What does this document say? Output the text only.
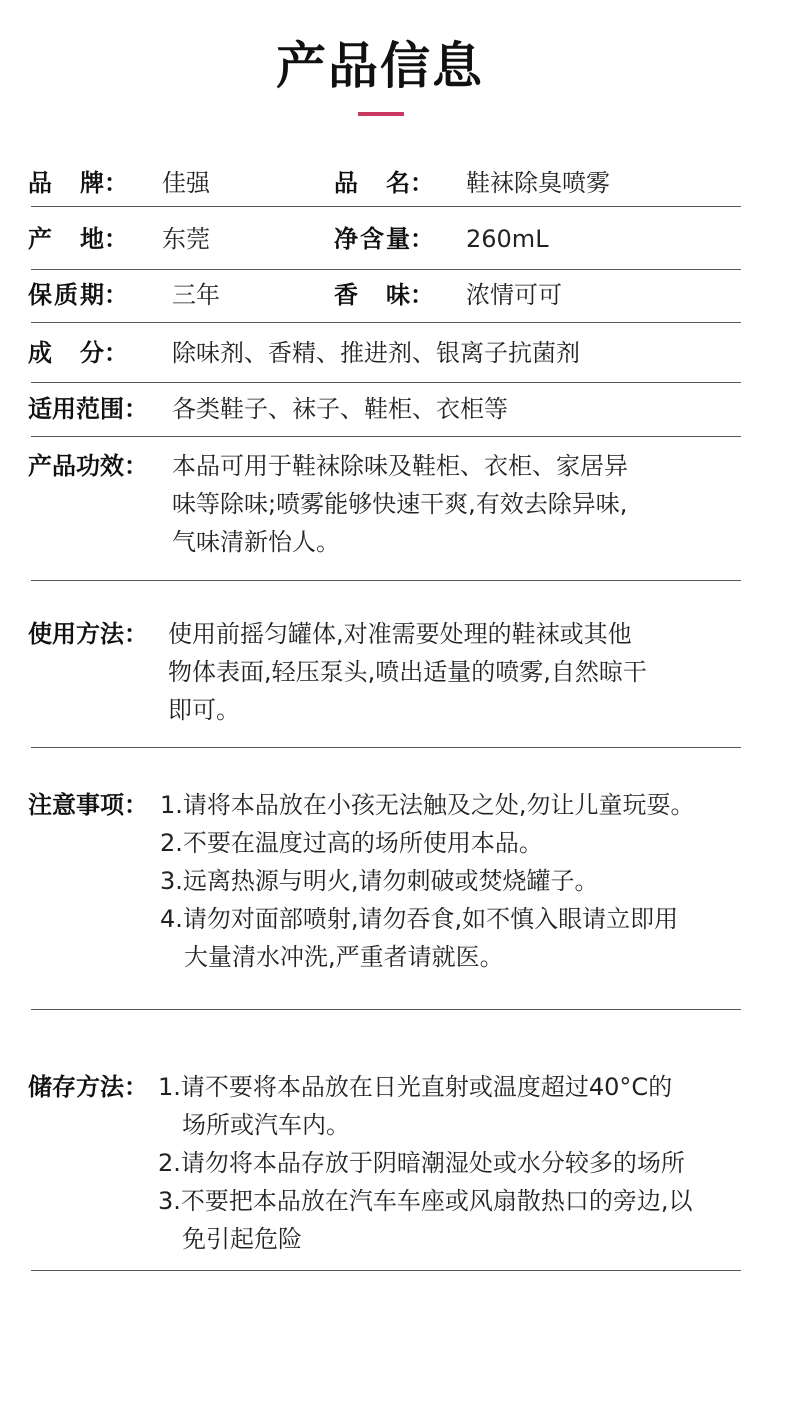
产品信息
品 牌： 佳强	品 名： 鞋袜除臭喷雾
产 地： 东莞	净 含 量： 260mL
保 质 期： 三年	香 味： 浓情可可
成 分： 除味剂、香精、推进剂、银离子抗菌剂
适用范围： 各类鞋子、袜子、鞋柜、衣柜等
产品功效： 本品可用于鞋袜除味及鞋柜、衣柜、家居异
味等除味;喷雾能够快速干爽,有效去除异味,
气味清新怡人。
使用方法： 使用前摇匀罐体,对准需要处理的鞋袜或其他
物体表面,轻压泵头,喷出适量的喷雾,自然晾干
即可。
注意事项： 1.请将本品放在小孩无法触及之处,勿让儿童玩耍。
2.不要在温度过高的场所使用本品。
3.远离热源与明火,请勿刺破或焚烧罐子。
4.请勿对面部喷射,请勿吞食,如不慎入眼请立即用
大量清水冲洗,严重者请就医。
储存方法： 1.请不要将本品放在日光直射或温度超过40°C的
场所或汽车内。
2.请勿将本品存放于阴暗潮湿处或水分较多的场所
3.不要把本品放在汽车车座或风扇散热口的旁边,以
免引起危险
